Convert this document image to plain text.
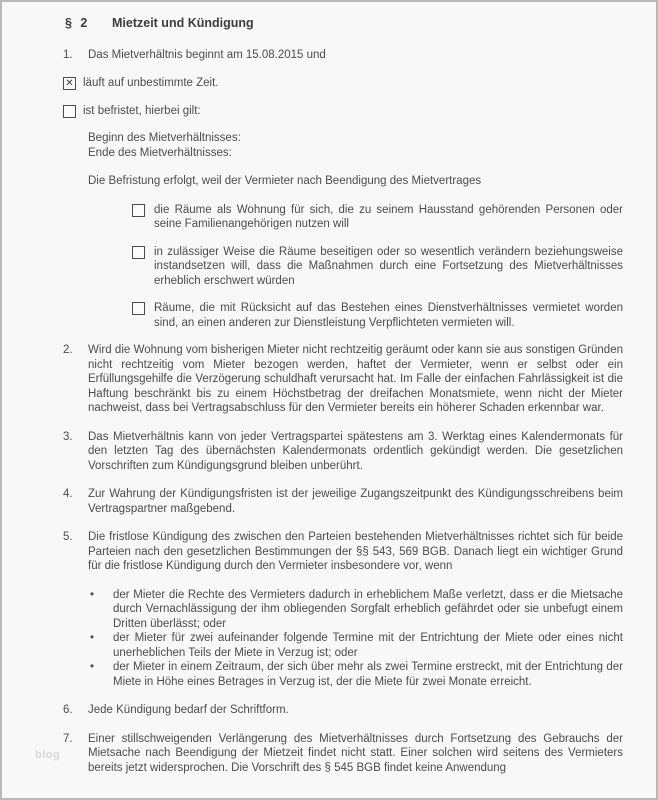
§ 2	Mietzeit und Kündigung
1.	Das Mietverhältnis beginnt am 15.08.2015 und
✕ läuft auf unbestimmte Zeit.
ist befristet, hierbei gilt:
Beginn des Mietverhältnisses:
Ende des Mietverhältnisses:
Die Befristung erfolgt, weil der Vermieter nach Beendigung des Mietvertrages
die Räume als Wohnung für sich, die zu seinem Hausstand gehörenden Personen oder seine Familienangehörigen nutzen will
in zulässiger Weise die Räume beseitigen oder so wesentlich verändern beziehungsweise instandsetzen will, dass die Maßnahmen durch eine Fortsetzung des Mietverhältnisses erheblich erschwert würden
Räume, die mit Rücksicht auf das Bestehen eines Dienstverhältnisses vermietet worden sind, an einen anderen zur Dienstleistung Verpflichteten vermieten will.
2.	Wird die Wohnung vom bisherigen Mieter nicht rechtzeitig geräumt oder kann sie aus sonstigen Gründen nicht rechtzeitig vom Mieter bezogen werden, haftet der Vermieter, wenn er selbst oder ein Erfüllungsgehilfe die Verzögerung schuldhaft verursacht hat. Im Falle der einfachen Fahrlässigkeit ist die Haftung beschränkt bis zu einem Höchstbetrag der dreifachen Monatsmiete, wenn nicht der Mieter nachweist, dass bei Vertragsabschluss für den Vermieter bereits ein höherer Schaden erkennbar war.
3.	Das Mietverhältnis kann von jeder Vertragspartei spätestens am 3. Werktag eines Kalendermonats für den letzten Tag des übernächsten Kalendermonats ordentlich gekündigt werden. Die gesetzlichen Vorschriften zum Kündigungsgrund bleiben unberührt.
4.	Zur Wahrung der Kündigungsfristen ist der jeweilige Zugangszeitpunkt des Kündigungsschreibens beim Vertragspartner maßgebend.
5.	Die fristlose Kündigung des zwischen den Parteien bestehenden Mietverhältnisses richtet sich für beide Parteien nach den gesetzlichen Bestimmungen der §§ 543, 569 BGB. Danach liegt ein wichtiger Grund für die fristlose Kündigung durch den Vermieter insbesondere vor, wenn
•	der Mieter die Rechte des Vermieters dadurch in erheblichem Maße verletzt, dass er die Mietsache durch Vernachlässigung der ihm obliegenden Sorgfalt erheblich gefährdet oder sie unbefugt einem Dritten überlässt; oder
•	der Mieter für zwei aufeinander folgende Termine mit der Entrichtung der Miete oder eines nicht unerheblichen Teils der Miete in Verzug ist; oder
•	der Mieter in einem Zeitraum, der sich über mehr als zwei Termine erstreckt, mit der Entrichtung der Miete in Höhe eines Betrages in Verzug ist, der die Miete für zwei Monate erreicht.
6.	Jede Kündigung bedarf der Schriftform.
7.	Einer stillschweigenden Verlängerung des Mietverhältnisses durch Fortsetzung des Gebrauchs der Mietsache nach Beendigung der Mietzeit findet nicht statt. Einer solchen wird seitens des Vermieters bereits jetzt widersprochen. Die Vorschrift des § 545 BGB findet keine Anwendung
blog
